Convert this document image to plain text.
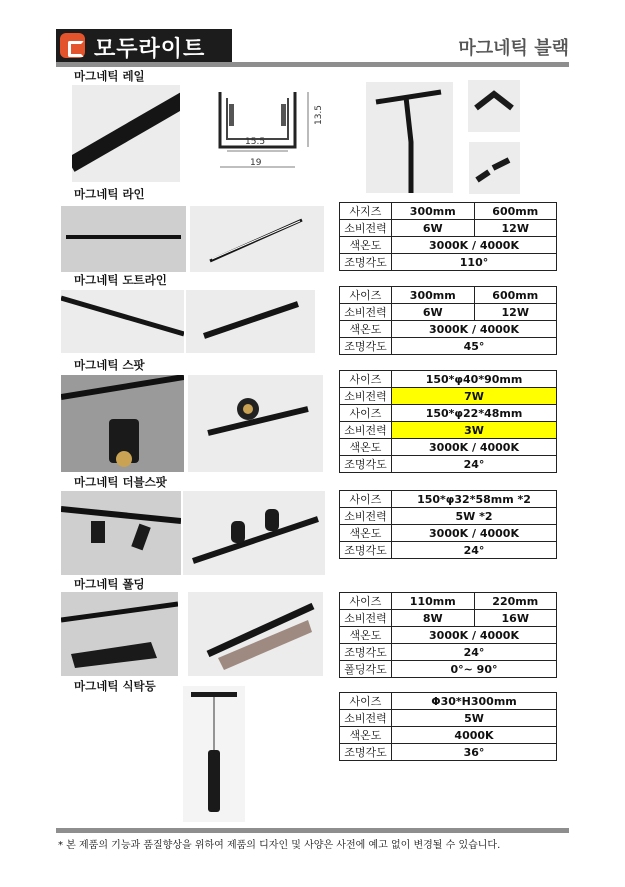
모두라이트	마그네틱 블랙
마그네틱 레일
13.5
15.5
19
마그네틱 라인
사지즈	300mm	600mm
소비전력	6W	12W
색온도	3000K / 4000K	
조명각도	110°	
마그네틱 도트라인
사이즈	300mm	600mm
소비전력	6W	12W
색온도	3000K / 4000K	
조명각도	45°	
마그네틱 스팟
사이즈	150*φ40*90mm
소비전력	7W
사이즈	150*φ22*48mm
소비전력	3W
색온도	3000K / 4000K
조명각도	24°
마그네틱 더블스팟
사이즈	150*φ32*58mm *2
소비전력	5W *2
색온도	3000K / 4000K
조명각도	24°
마그네틱 폴딩
사이즈	110mm	220mm
소비전력	8W	16W
색온도	3000K / 4000K	
조명각도	24°	
폴딩각도	0°~ 90°	
마그네틱 식탁등
사이즈	Φ30*H300mm
소비전력	5W
색온도	4000K
조명각도	36°
* 본 제품의 기능과 품질향상을 위하여 제품의 디자인 및 사양은 사전에 예고 없이 변경될 수 있습니다.
